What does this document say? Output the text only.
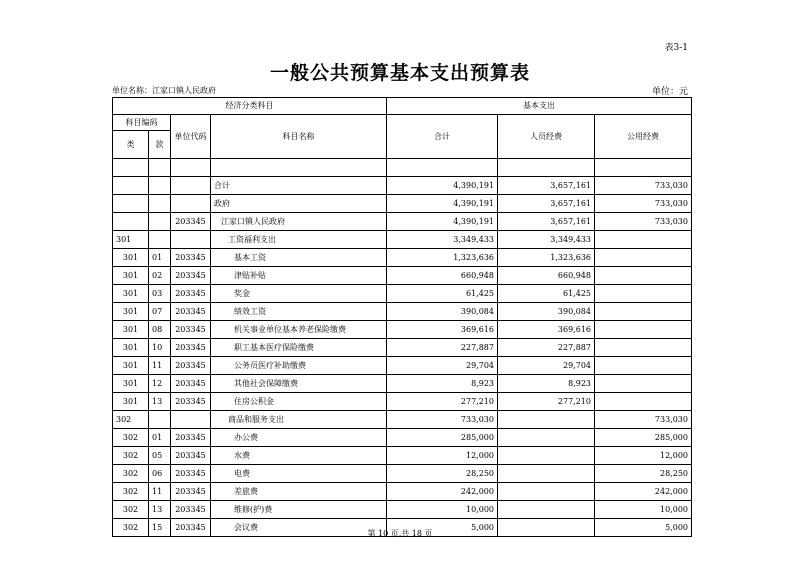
表3-1
一般公共预算基本支出预算表
单位名称：江家口镇人民政府	单位：元
经济分类科目				基本支出		
科目编码		单位代码	科目名称	合计	人员经费	公用经费
类	款					

			合计	4,390,191	3,657,161	733,030
			政府	4,390,191	3,657,161	733,030
		203345	江家口镇人民政府	4,390,191	3,657,161	733,030
301			工资福利支出	3,349,433	3,349,433	
301	01	203345	基本工资	1,323,636	1,323,636	
301	02	203345	津贴补贴	660,948	660,948	
301	03	203345	奖金	61,425	61,425	
301	07	203345	绩效工资	390,084	390,084	
301	08	203345	机关事业单位基本养老保险缴费	369,616	369,616	
301	10	203345	职工基本医疗保险缴费	227,887	227,887	
301	11	203345	公务员医疗补助缴费	29,704	29,704	
301	12	203345	其他社会保障缴费	8,923	8,923	
301	13	203345	住房公积金	277,210	277,210	
302			商品和服务支出	733,030		733,030
302	01	203345	办公费	285,000		285,000
302	05	203345	水费	12,000		12,000
302	06	203345	电费	28,250		28,250
302	11	203345	差旅费	242,000		242,000
302	13	203345	维修(护)费	10,000		10,000
302	15	203345	会议费	5,000		5,000
第 10 页,共 18 页
